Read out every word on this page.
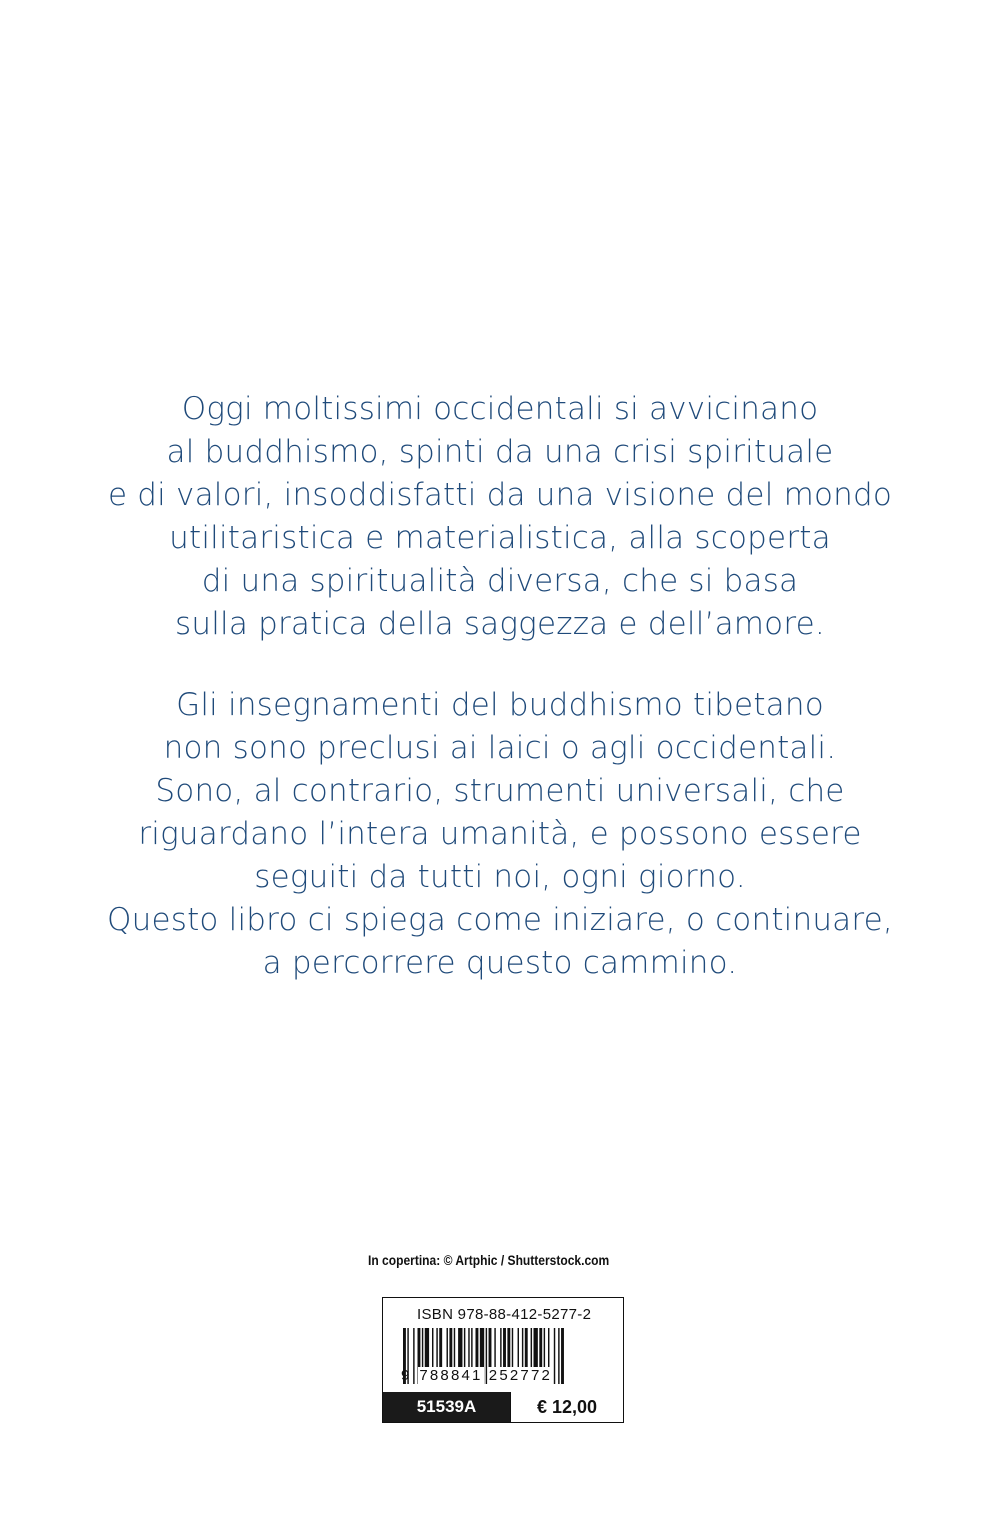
Oggi moltissimi occidentali si avvicinano
al buddhismo, spinti da una crisi spirituale
e di valori, insoddisfatti da una visione del mondo
utilitaristica e materialistica, alla scoperta
di una spiritualità diversa, che si basa
sulla pratica della saggezza e dell’amore.
Gli insegnamenti del buddhismo tibetano
non sono preclusi ai laici o agli occidentali.
Sono, al contrario, strumenti universali, che
riguardano l’intera umanità, e possono essere
seguiti da tutti noi, ogni giorno.
Questo libro ci spiega come iniziare, o continuare,
a percorrere questo cammino.
In copertina: © Artphic / Shutterstock.com
ISBN 978-88-412-5277-2
9 788841 252772
51539A	€ 12,00
